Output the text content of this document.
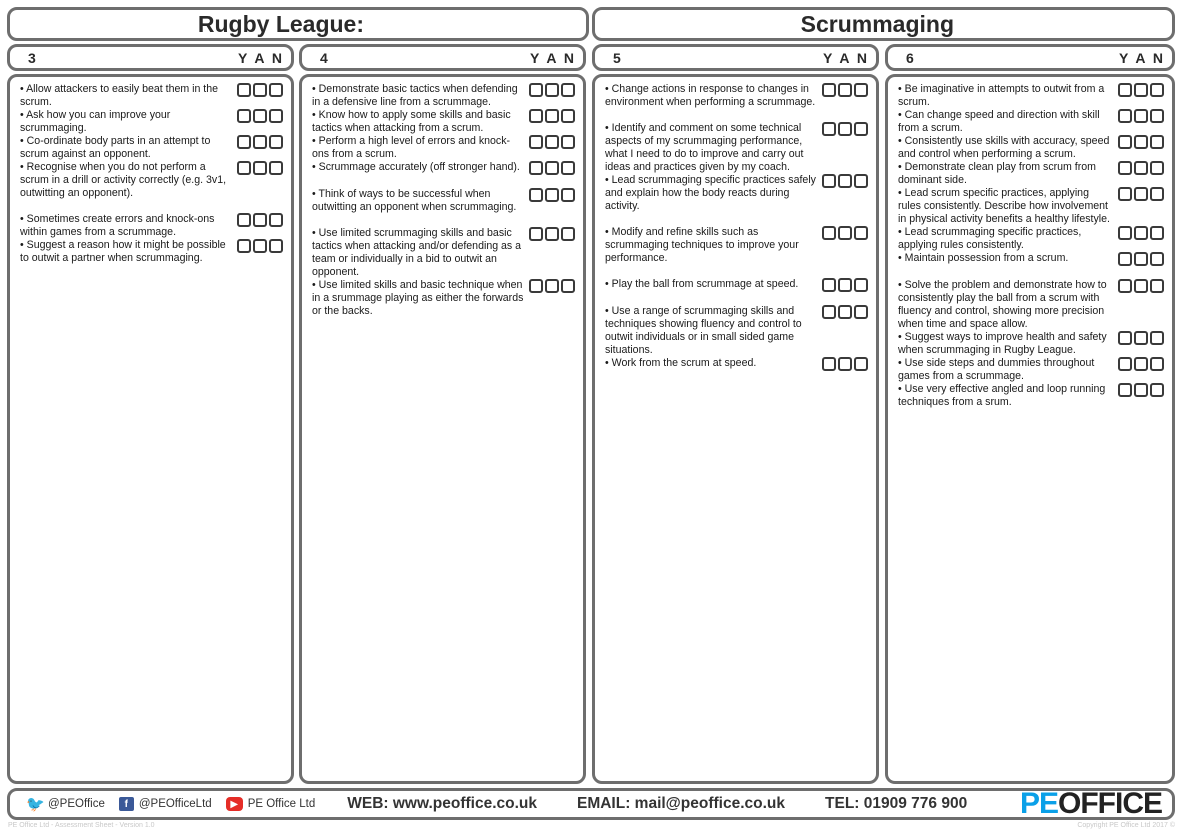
Rugby League:	Scrummaging
3	Y A N	4	Y A N	5	Y A N	6	Y A N
• Allow attackers to easily beat them in the scrum.
• Ask how you can improve your scrummaging.
• Co-ordinate body parts in an attempt to scrum against an opponent.
• Recognise when you do not perform a scrum in a drill or activity correctly (e.g. 3v1, outwitting an opponent).
• Sometimes create errors and knock-ons within games from a scrummage.
• Suggest a reason how it might be possible to outwit a partner when scrummaging.
• Demonstrate basic tactics when defending in a defensive line from a scrummage.
• Know how to apply some skills and basic tactics when attacking from a scrum.
• Perform a high level of errors and knock-ons from a scrum.
• Scrummage accurately (off stronger hand).
• Think of ways to be successful when outwitting an opponent when scrummaging.
• Use limited scrummaging skills and basic tactics when attacking and/or defending as a team or individually in a bid to outwit an opponent.
• Use limited skills and basic technique when in a srummage playing as either the forwards or the backs.
• Change actions in response to changes in environment when performing a scrummage.
• Identify and comment on some technical aspects of my scrummaging performance, what I need to do to improve and carry out ideas and practices given by my coach.
• Lead scrummaging specific practices safely and explain how the body reacts during activity.
• Modify and refine skills such as scrummaging techniques to improve your performance.
• Play the ball from scrummage at speed.
• Use a range of scrummaging skills and techniques showing fluency and control to outwit individuals or in small sided game situations.
• Work from the scrum at speed.
• Be imaginative in attempts to outwit from a scrum.
• Can change speed and direction with skill from a scrum.
• Consistently use skills with accuracy, speed and control when performing a scrum.
• Demonstrate clean play from scrum from dominant side.
• Lead scrum specific practices, applying rules consistently. Describe how involvement in physical activity benefits a healthy lifestyle.
• Lead scrummaging specific practices, applying rules consistently.
• Maintain possession from a scrum.
• Solve the problem and demonstrate how to consistently play the ball from a scrum with fluency and control, showing more precision when time and space allow.
• Suggest ways to improve health and safety when scrummaging in Rugby League.
• Use side steps and dummies throughout games from a scrummage.
• Use very effective angled and loop running techniques from a srum.
🐦 @PEOffice	f @PEOfficeLtd	▶ PE Office Ltd WEB: www.peoffice.co.uk	EMAIL: mail@peoffice.co.uk	TEL: 01909 776 900 PEOFFICE
PE Office Ltd - Assessment Sheet - Version 1.0	Copyright PE Office Ltd 2017 ©
